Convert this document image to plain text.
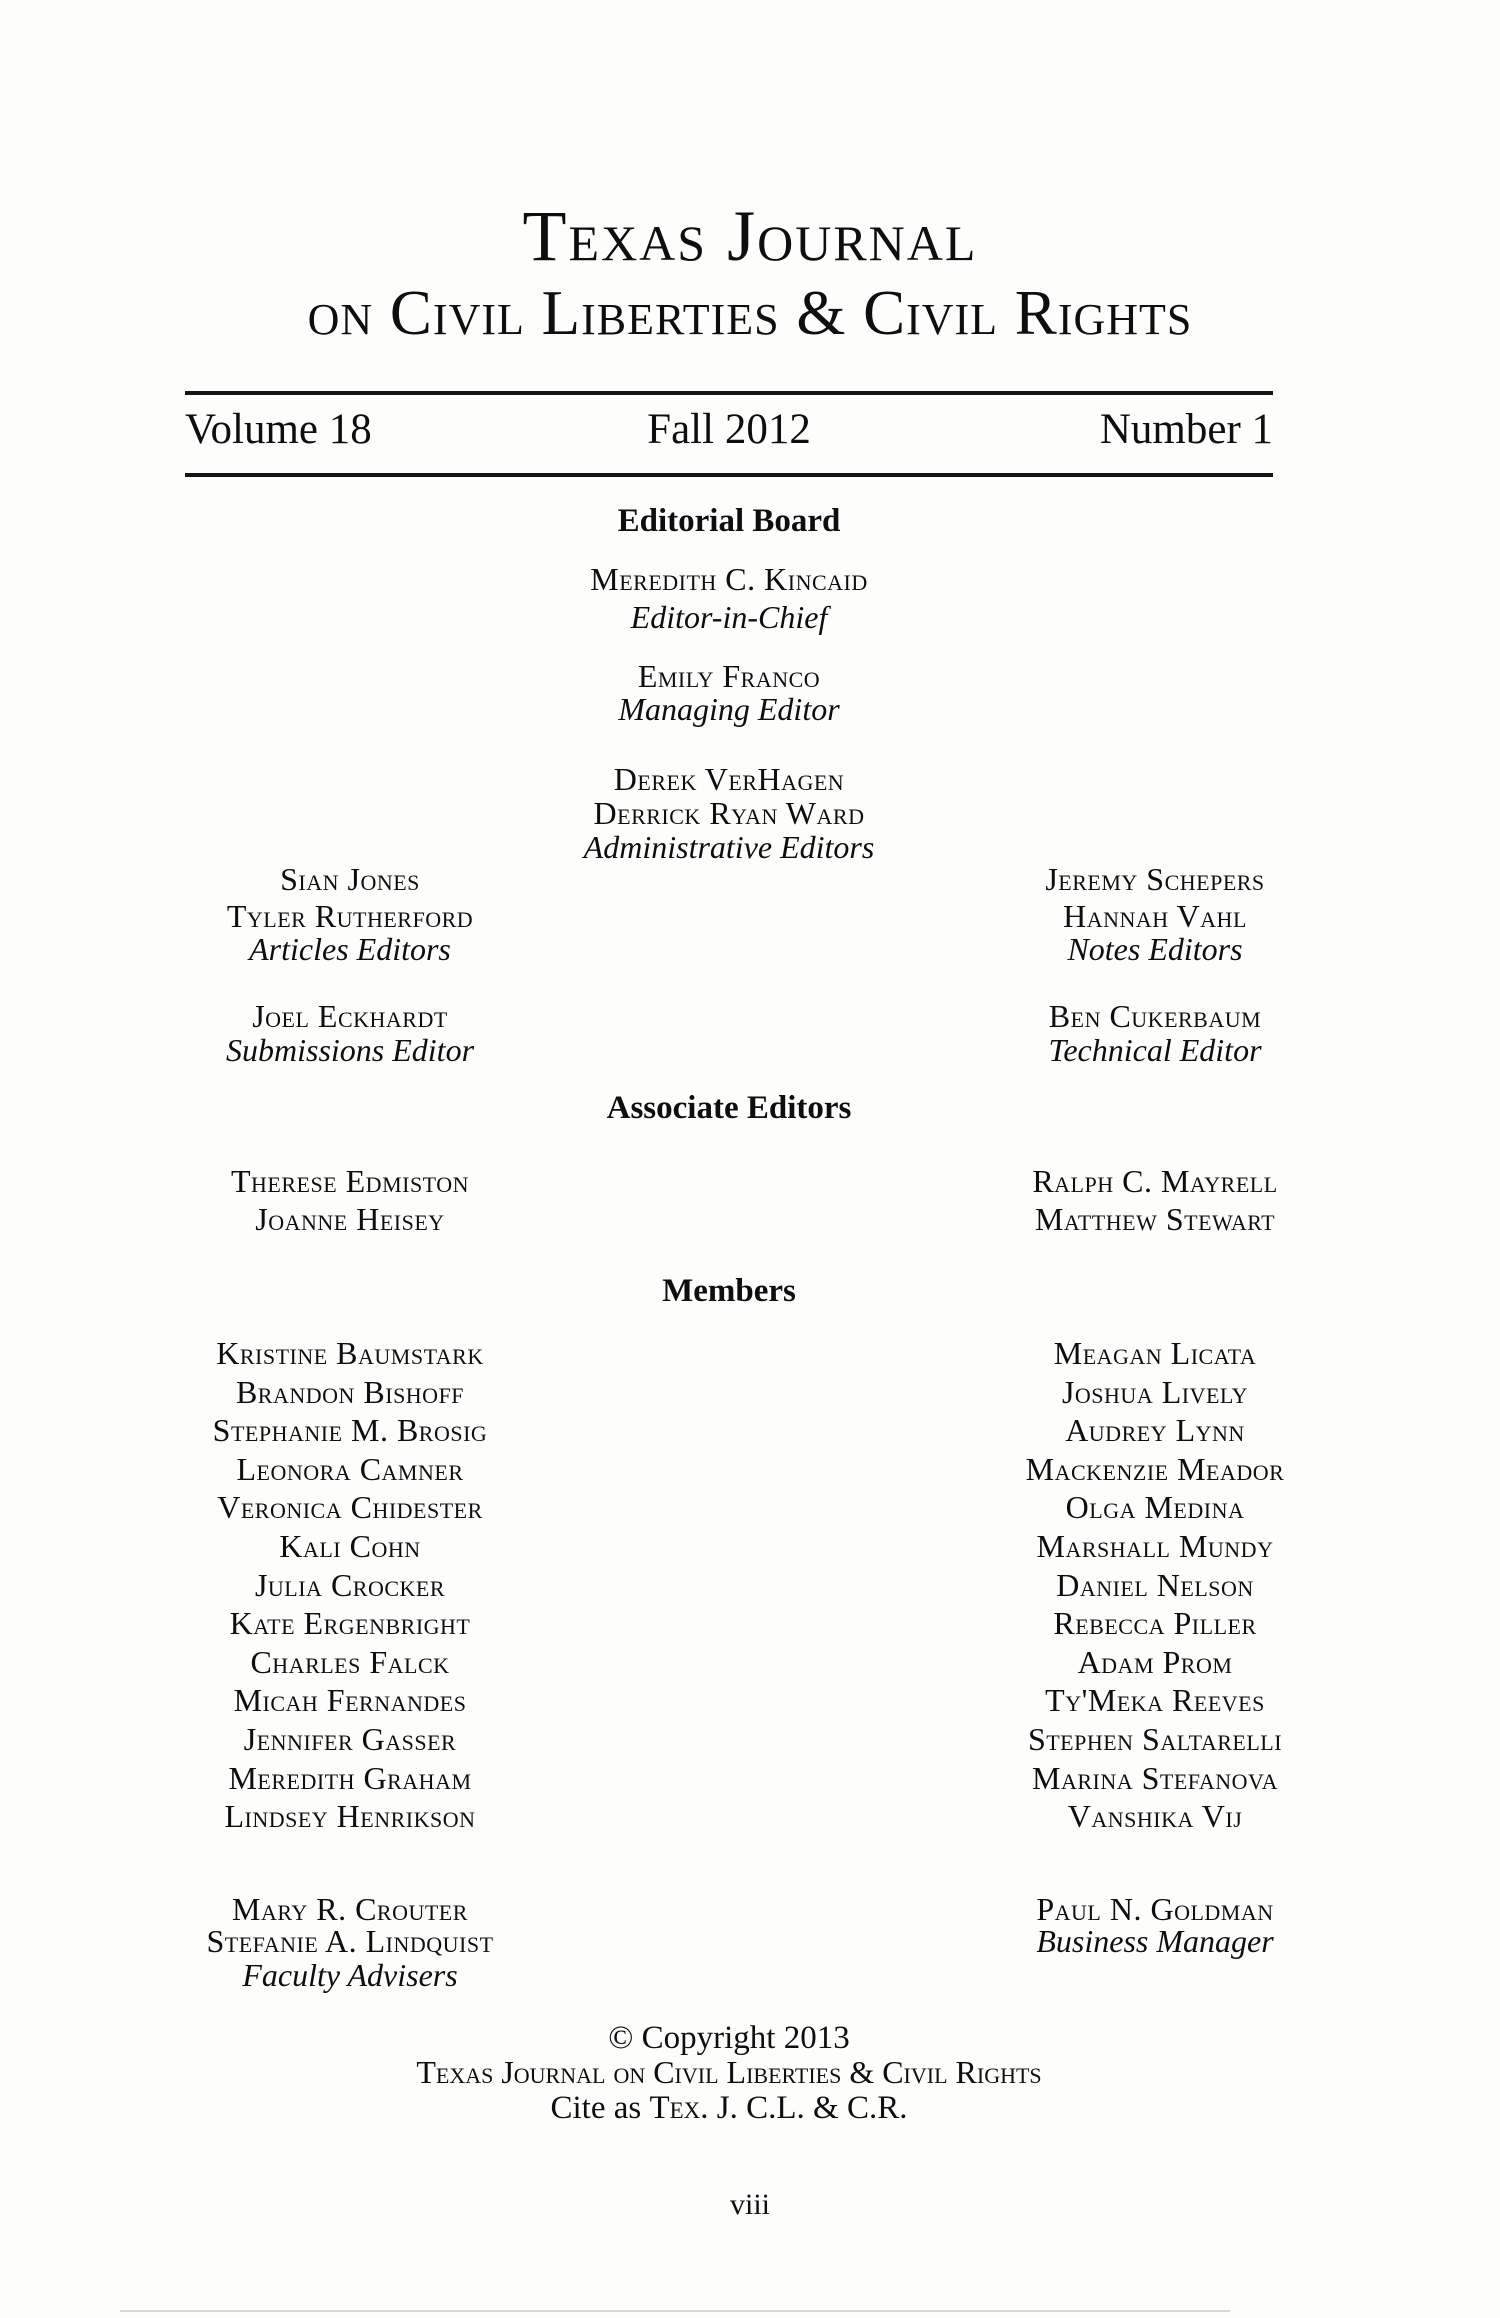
Texas Journal
on Civil Liberties & Civil Rights
Volume 18	Fall 2012	Number 1
Editorial Board
Meredith C. Kincaid
Editor-in-Chief
Emily Franco
Managing Editor
Derek VerHagen
Derrick Ryan Ward
Administrative Editors
Sian Jones
Tyler Rutherford
Articles Editors
Jeremy Schepers
Hannah Vahl
Notes Editors
Joel Eckhardt
Submissions Editor
Ben Cukerbaum
Technical Editor
Associate Editors
Therese Edmiston
Joanne Heisey
Ralph C. Mayrell
Matthew Stewart
Members
Kristine Baumstark
Brandon Bishoff
Stephanie M. Brosig
Leonora Camner
Veronica Chidester
Kali Cohn
Julia Crocker
Kate Ergenbright
Charles Falck
Micah Fernandes
Jennifer Gasser
Meredith Graham
Lindsey Henrikson
Meagan Licata
Joshua Lively
Audrey Lynn
Mackenzie Meador
Olga Medina
Marshall Mundy
Daniel Nelson
Rebecca Piller
Adam Prom
Ty'Meka Reeves
Stephen Saltarelli
Marina Stefanova
Vanshika Vij
Mary R. Crouter
Stefanie A. Lindquist
Faculty Advisers
Paul N. Goldman
Business Manager
© Copyright 2013
Texas Journal on Civil Liberties & Civil Rights
Cite as Tex. J. C.L. & C.R.
viii
